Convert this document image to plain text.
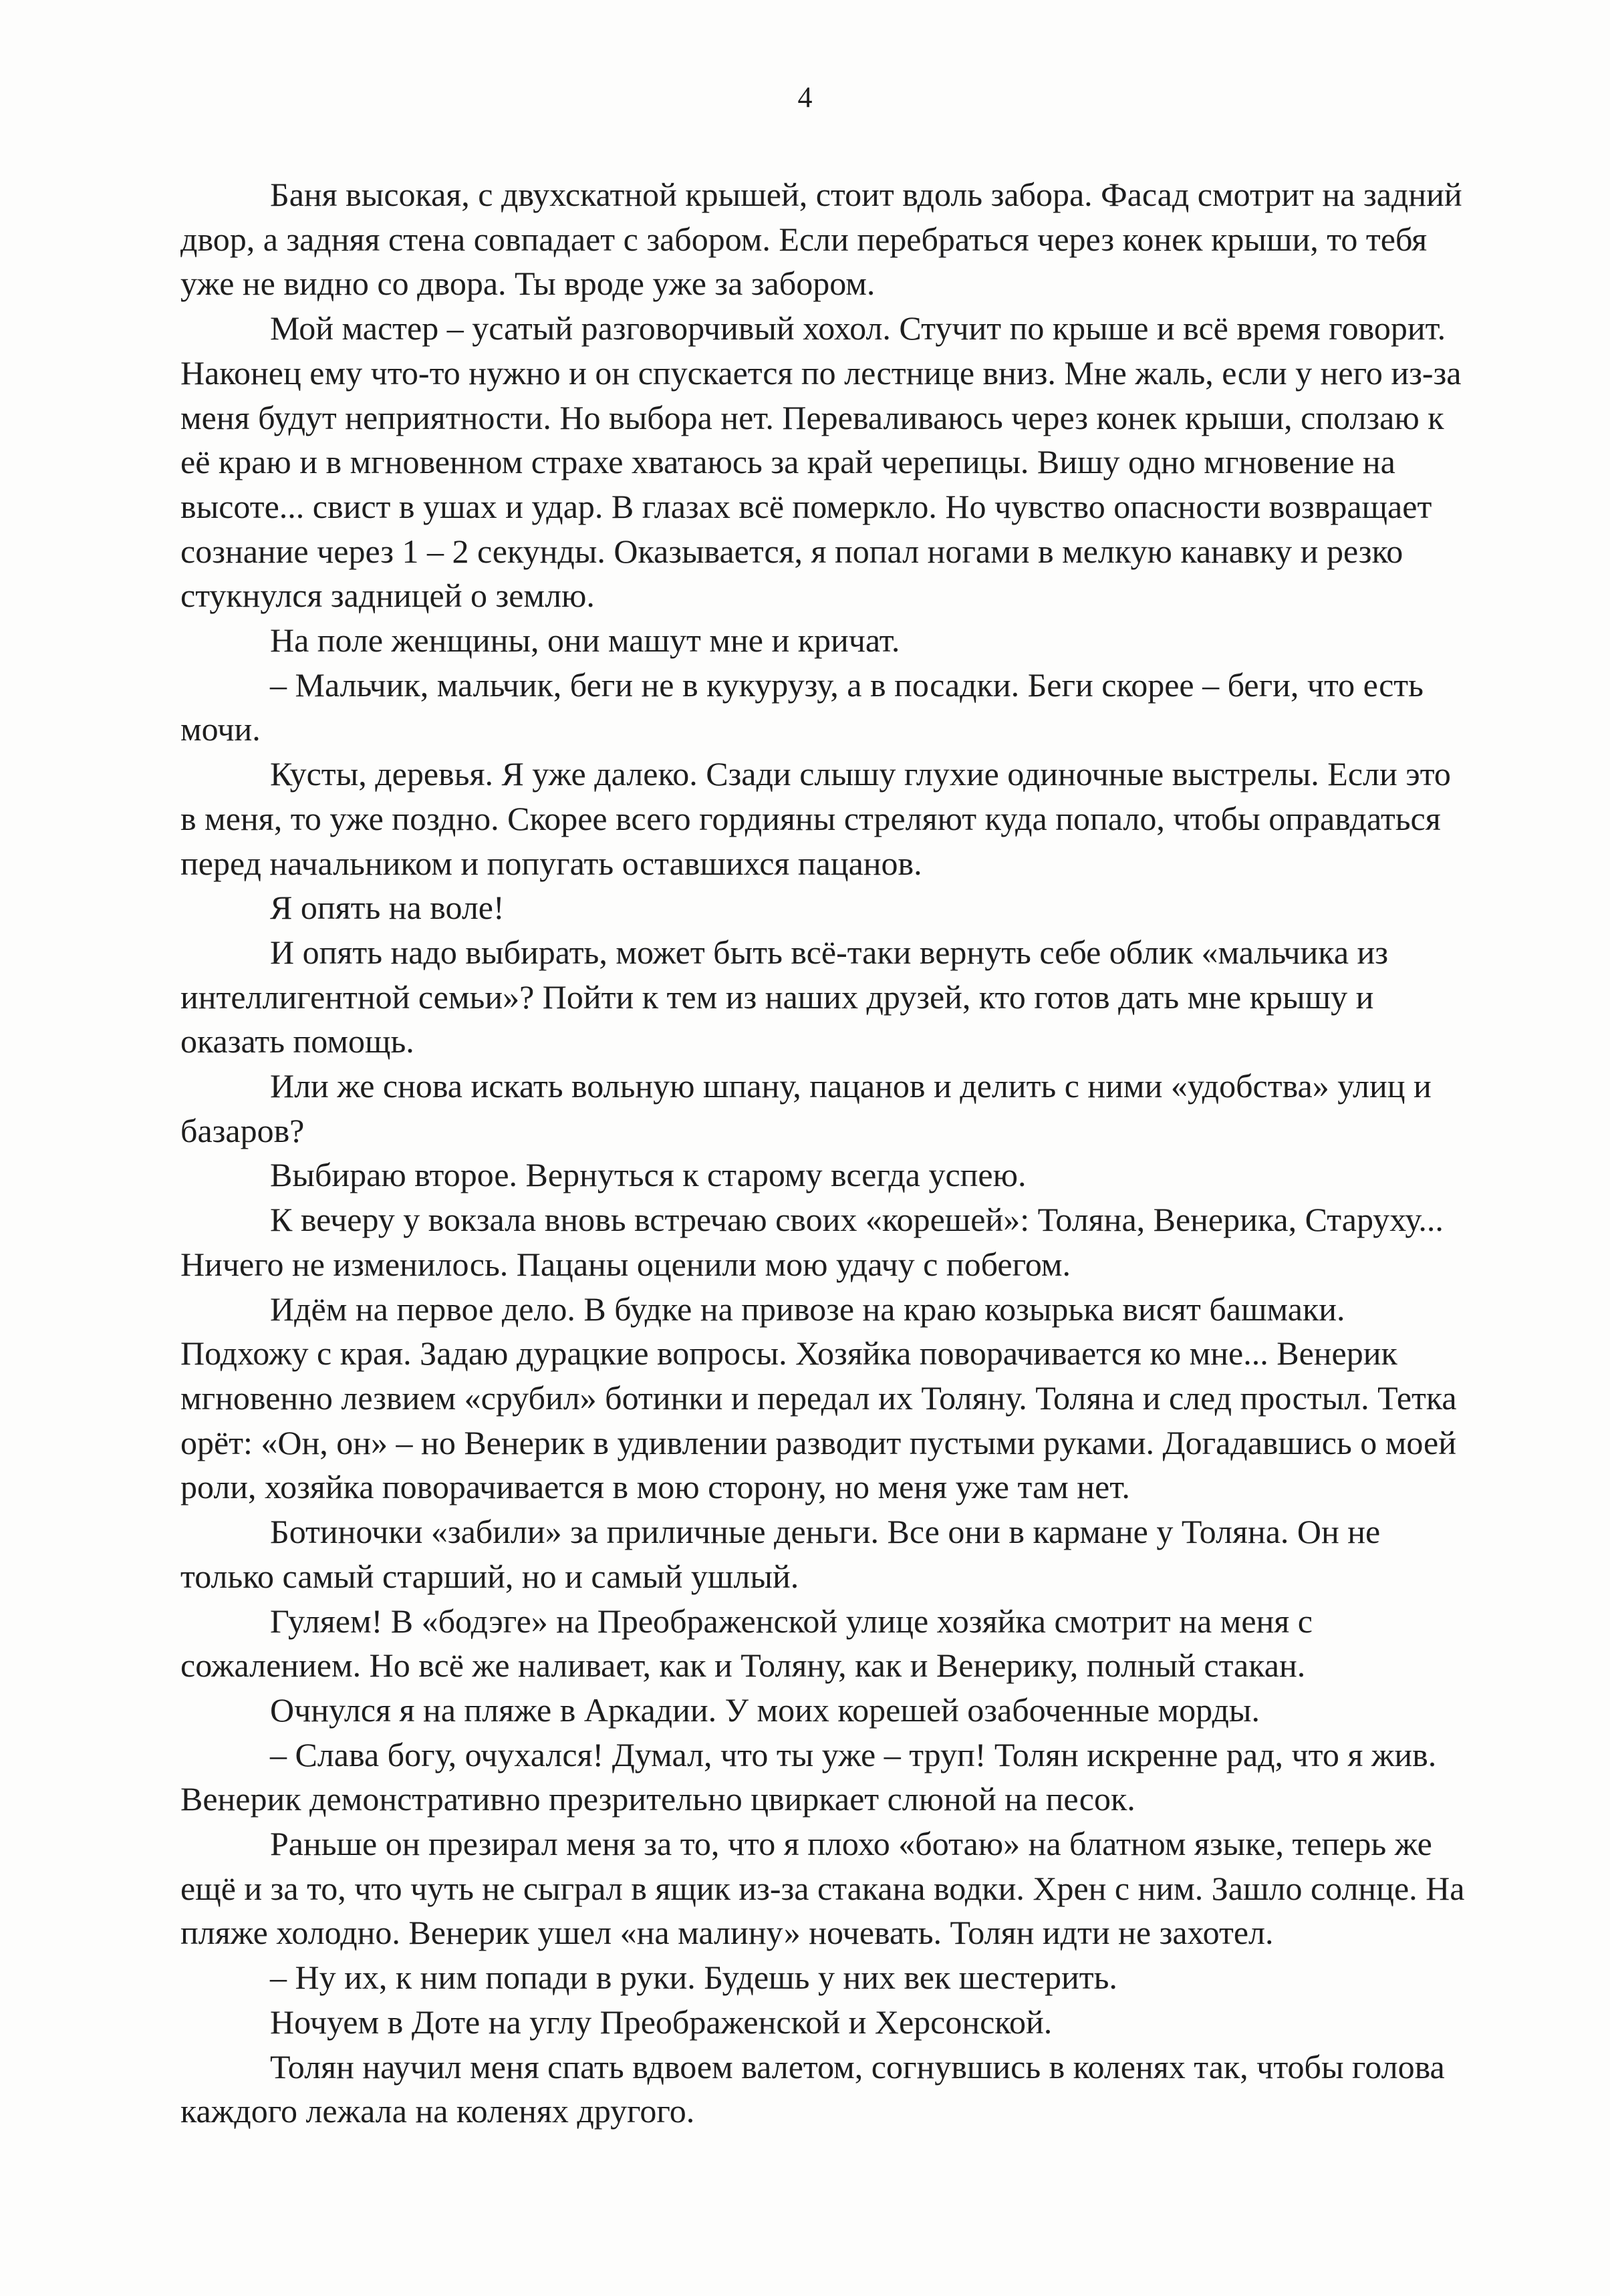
4

Баня высокая, с двухскатной крышей, стоит вдоль забора. Фасад смотрит на задний двор, а задняя стена совпадает с забором. Если перебраться через конек крыши, то тебя уже не видно со двора. Ты вроде уже за забором.

Мой мастер – усатый разговорчивый хохол. Стучит по крыше и всё время говорит. Наконец ему что-то нужно и он спускается по лестнице вниз. Мне жаль, если у него из-за меня будут неприятности. Но выбора нет. Переваливаюсь через конек крыши, сползаю к её краю и в мгновенном страхе хватаюсь за край черепицы. Вишу одно мгновение на высоте... свист в ушах и удар. В глазах всё померкло. Но чувство опасности возвращает сознание через 1 – 2 секунды. Оказывается, я попал ногами в мелкую канавку и резко стукнулся задницей о землю.

На поле женщины, они машут мне и кричат.

– Мальчик, мальчик, беги не в кукурузу, а в посадки. Беги скорее – беги, что есть мочи.

Кусты, деревья. Я уже далеко. Сзади слышу глухие одиночные выстрелы. Если это в меня, то уже поздно. Скорее всего гордияны стреляют куда попало, чтобы оправдаться перед начальником и попугать оставшихся пацанов.

Я опять на воле!

И опять надо выбирать, может быть всё-таки вернуть себе облик «мальчика из интеллигентной семьи»? Пойти к тем из наших друзей, кто готов дать мне крышу и оказать помощь.

Или же снова искать вольную шпану, пацанов и делить с ними «удобства» улиц и базаров?

Выбираю второе. Вернуться к старому всегда успею.

К вечеру у вокзала вновь встречаю своих «корешей»: Толяна, Венерика, Старуху... Ничего не изменилось. Пацаны оценили мою удачу с побегом.

Идём на первое дело. В будке на привозе на краю козырька висят башмаки. Подхожу с края. Задаю дурацкие вопросы. Хозяйка поворачивается ко мне... Венерик мгновенно лезвием «срубил» ботинки и передал их Толяну. Толяна и след простыл. Тетка орёт: «Он, он» – но Венерик в удивлении разводит пустыми руками. Догадавшись о моей роли, хозяйка поворачивается в мою сторону, но меня уже там нет.

Ботиночки «забили» за приличные деньги. Все они в кармане у Толяна. Он не только самый старший, но и самый ушлый.

Гуляем! В «бодэге» на Преображенской улице хозяйка смотрит на меня с сожалением. Но всё же наливает, как и Толяну, как и Венерику, полный стакан.

Очнулся я на пляже в Аркадии. У моих корешей озабоченные морды.

– Слава богу, очухался! Думал, что ты уже – труп! Толян искренне рад, что я жив. Венерик демонстративно презрительно цвиркает слюной на песок.

Раньше он презирал меня за то, что я плохо «ботаю» на блатном языке, теперь же ещё и за то, что чуть не сыграл в ящик из-за стакана водки. Хрен с ним. Зашло солнце. На пляже холодно. Венерик ушел «на малину» ночевать. Толян идти не захотел.

– Ну их, к ним попади в руки. Будешь у них век шестерить.

Ночуем в Доте на углу Преображенской и Херсонской.

Толян научил меня спать вдвоем валетом, согнувшись в коленях так, чтобы голова каждого лежала на коленях другого.
